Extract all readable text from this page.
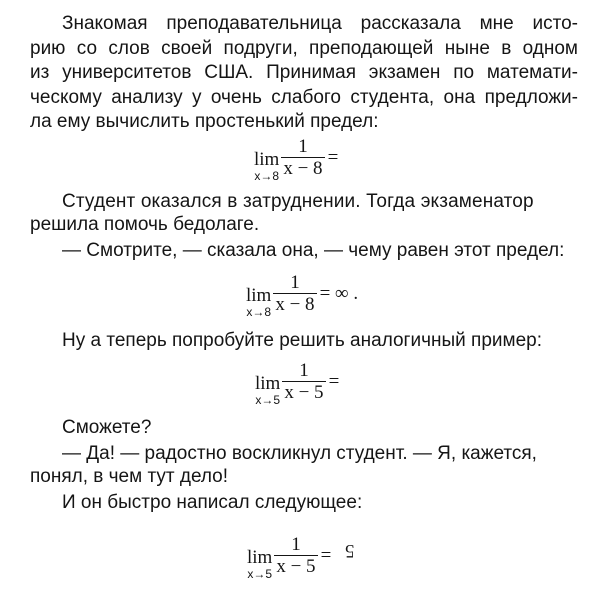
Знакомая преподавательница рассказала мне исто-
рию со слов своей подруги, преподающей ныне в одном
из университетов США. Принимая экзамен по математи-
ческому анализу у очень слабого студента, она предложи-
ла ему вычислить простенький предел:
lim
$x\to 8 \frac{1}{x - 8}$ =
Студент оказался в затруднении. Тогда экзаменатор
решила помочь бедолаге.
— Смотрите, — сказала она, — чему равен этот предел:
lim
$x\to 8 \frac{1}{x - 8}$ = ∞ .
Ну а теперь попробуйте решить аналогичный пример:
lim
$x\to 5 \frac{1}{x - 5}$ =
Сможете?
— Да! — радостно воскликнул студент. — Я, кажется,
понял, в чем тут дело!
И он быстро написал следующее:
lim
$x\to 5 \frac{1}{x - 5} = 5$
